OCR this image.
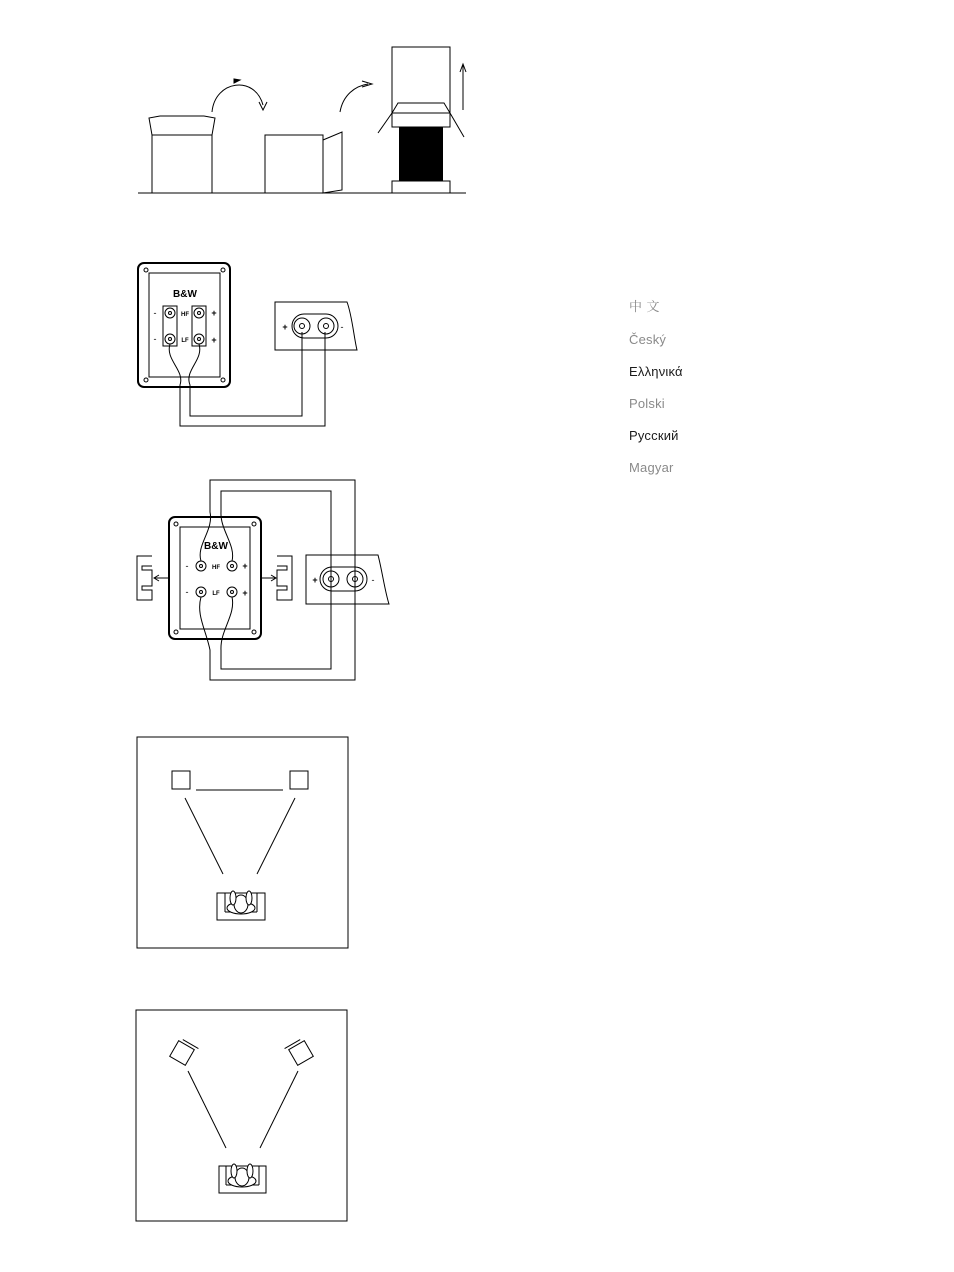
B&W
HF
LF
-
-
+
+
+	-
B&W
HF
LF
-
-
+
+
+	-
中 文
Český
Ελληνικά
Polski
Русский
Magyar
